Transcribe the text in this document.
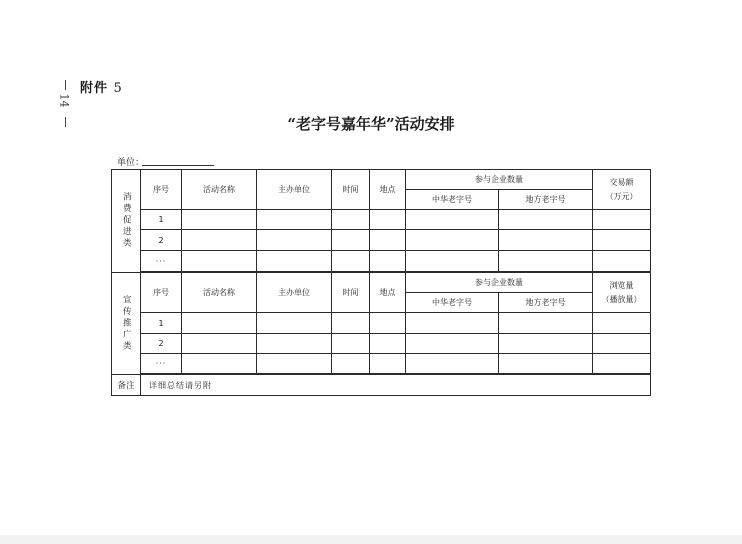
14
附件 5
“老字号嘉年华”活动安排
单位：
消费促进类	序号	活动名称	主办单位	时间	地点	参与企业数量		交易额
（万元）

						中华老字号	地方老字号	
	1							
	2							
	···							

宣传推广类	序号	活动名称	主办单位	时间	地点	参与企业数量		浏览量
（播放量）

						中华老字号	地方老字号	
	1							
	2							
	···							

备注	详细总结请另附							
